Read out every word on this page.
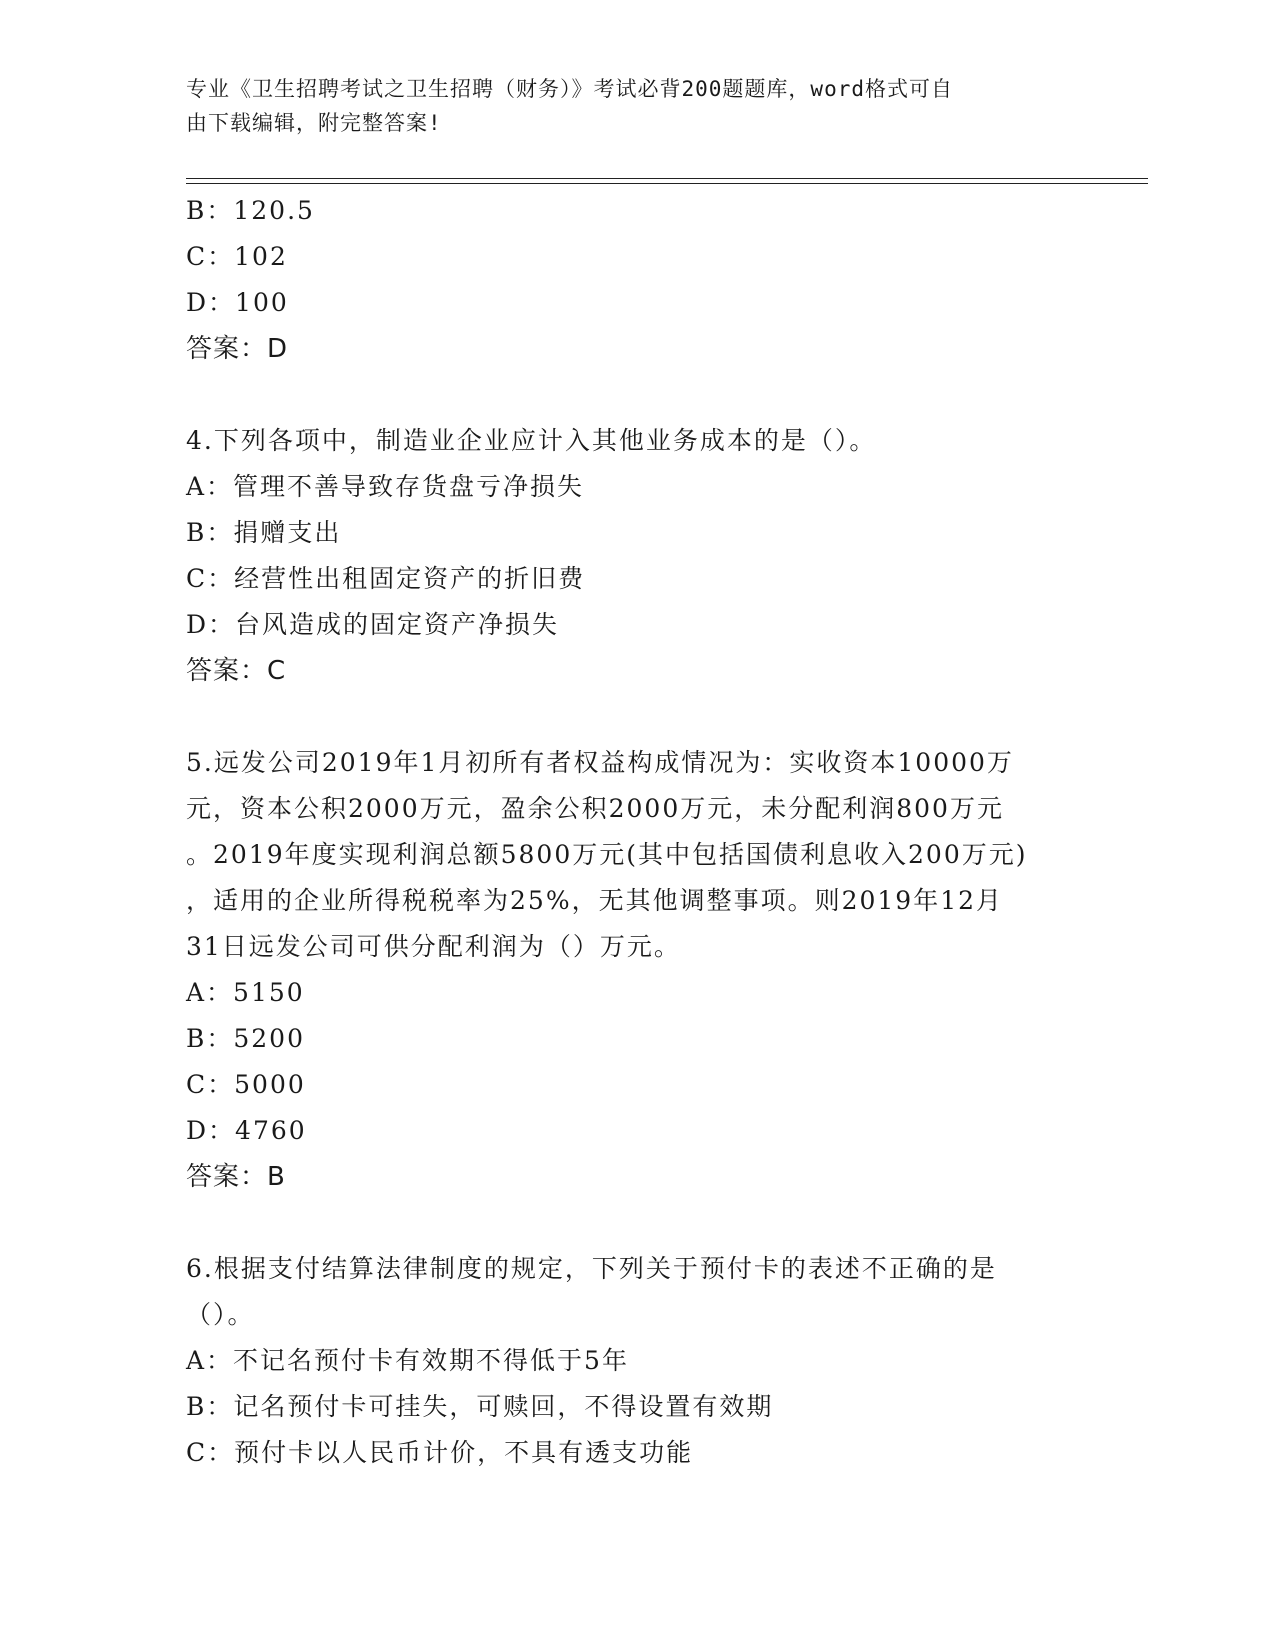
专业《卫生招聘考试之卫生招聘（财务）》考试必背200题题库，word格式可自
由下载编辑，附完整答案!
B：120.5
C：102
D：100
答案：D
4.下列各项中，制造业企业应计入其他业务成本的是（）。
A：管理不善导致存货盘亏净损失
B：捐赠支出
C：经营性出租固定资产的折旧费
D：台风造成的固定资产净损失
答案：C
5.远发公司2019年1月初所有者权益构成情况为：实收资本10000万
元，资本公积2000万元，盈余公积2000万元，未分配利润800万元
。2019年度实现利润总额5800万元(其中包括国债利息收入200万元)
，适用的企业所得税税率为25%，无其他调整事项。则2019年12月
31日远发公司可供分配利润为（）万元。
A：5150
B：5200
C：5000
D：4760
答案：B
6.根据支付结算法律制度的规定，下列关于预付卡的表述不正确的是
（）。
A：不记名预付卡有效期不得低于5年
B：记名预付卡可挂失，可赎回，不得设置有效期
C：预付卡以人民币计价，不具有透支功能
